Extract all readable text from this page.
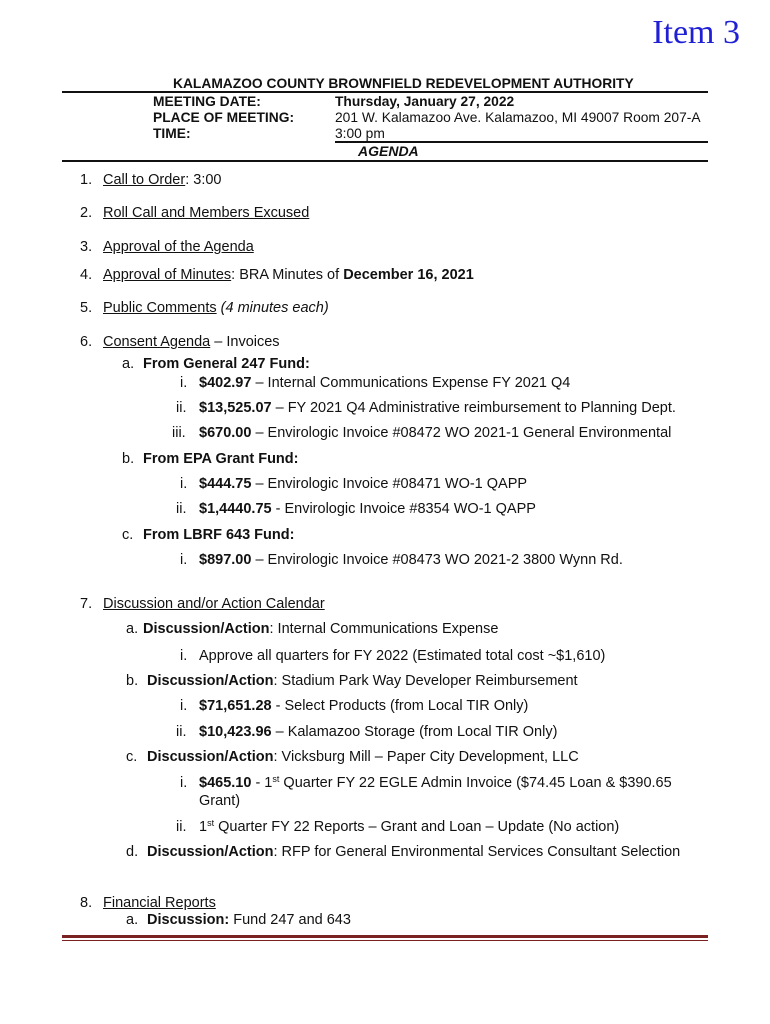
Item 3
KALAMAZOO COUNTY BROWNFIELD REDEVELOPMENT AUTHORITY
MEETING DATE:	Thursday, January 27, 2022
PLACE OF MEETING:	201 W. Kalamazoo Ave. Kalamazoo, MI 49007 Room 207-A
TIME:	3:00 pm
AGENDA
1. Call to Order: 3:00
2. Roll Call and Members Excused
3. Approval of the Agenda
4. Approval of Minutes: BRA Minutes of December 16, 2021
5. Public Comments (4 minutes each)
6. Consent Agenda – Invoices
a. From General 247 Fund:
i. $402.97 – Internal Communications Expense FY 2021 Q4
ii. $13,525.07 – FY 2021 Q4 Administrative reimbursement to Planning Dept.
iii. $670.00 – Envirologic Invoice #08472 WO 2021-1 General Environmental
b. From EPA Grant Fund:
i. $444.75 – Envirologic Invoice #08471 WO-1 QAPP
ii. $1,4440.75 - Envirologic Invoice #8354 WO-1 QAPP
c. From LBRF 643 Fund:
i. $897.00 – Envirologic Invoice #08473 WO 2021-2 3800 Wynn Rd.
7. Discussion and/or Action Calendar
a. Discussion/Action: Internal Communications Expense
i. Approve all quarters for FY 2022 (Estimated total cost ~$1,610)
b. Discussion/Action: Stadium Park Way Developer Reimbursement
i. $71,651.28 - Select Products (from Local TIR Only)
ii. $10,423.96 – Kalamazoo Storage (from Local TIR Only)
c. Discussion/Action: Vicksburg Mill – Paper City Development, LLC
i. $465.10 - 1st Quarter FY 22 EGLE Admin Invoice ($74.45 Loan & $390.65
Grant)
ii. 1st Quarter FY 22 Reports – Grant and Loan – Update (No action)
d. Discussion/Action: RFP for General Environmental Services Consultant Selection
8. Financial Reports
a. Discussion: Fund 247 and 643
